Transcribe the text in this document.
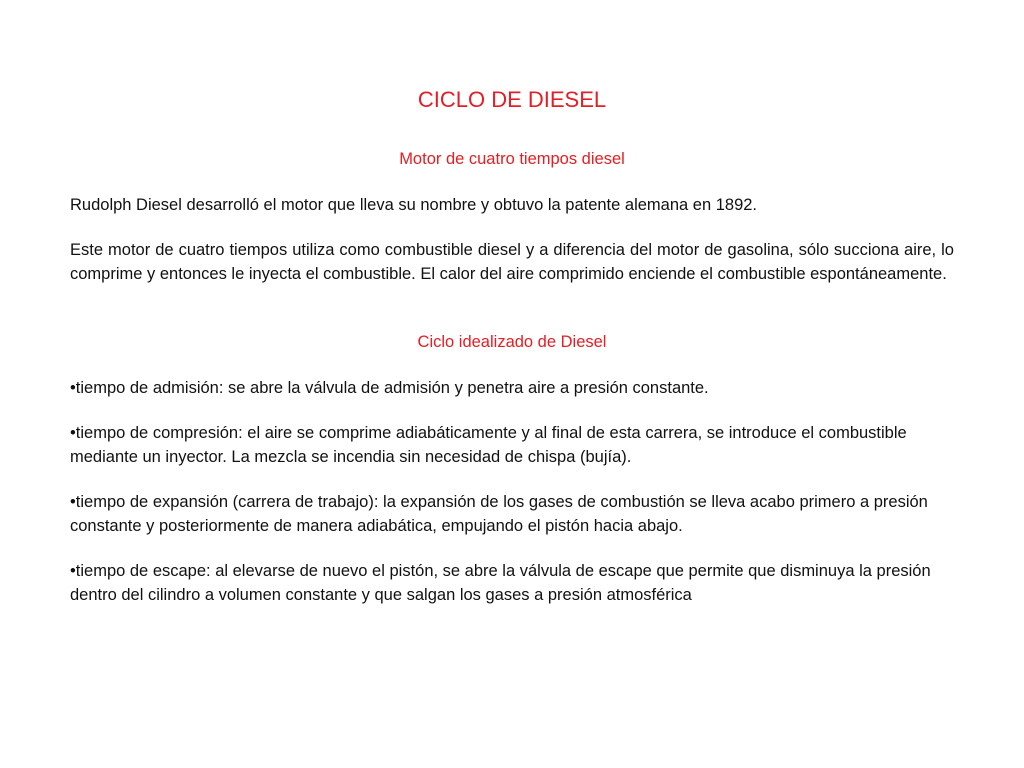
CICLO DE DIESEL

Motor de cuatro tiempos diesel

Rudolph Diesel desarrolló el motor que lleva su nombre y obtuvo la patente alemana en 1892.

Este motor de cuatro tiempos utiliza como combustible diesel y a diferencia del motor de gasolina, sólo succiona aire, lo comprime y entonces le inyecta el combustible. El calor del aire comprimido enciende el combustible espontáneamente.

Ciclo idealizado de Diesel

•tiempo de admisión: se abre la válvula de admisión y penetra aire a presión constante.

•tiempo de compresión: el aire se comprime adiabáticamente y al final de esta carrera, se introduce el combustible mediante un inyector. La mezcla se incendia sin necesidad de chispa (bujía).

•tiempo de expansión (carrera de trabajo): la expansión de los gases de combustión se lleva acabo primero a presión constante y posteriormente de manera adiabática, empujando el pistón hacia abajo.

•tiempo de escape: al elevarse de nuevo el pistón, se abre la válvula de escape que permite que disminuya la presión dentro del cilindro a volumen constante y que salgan los gases a presión atmosférica
